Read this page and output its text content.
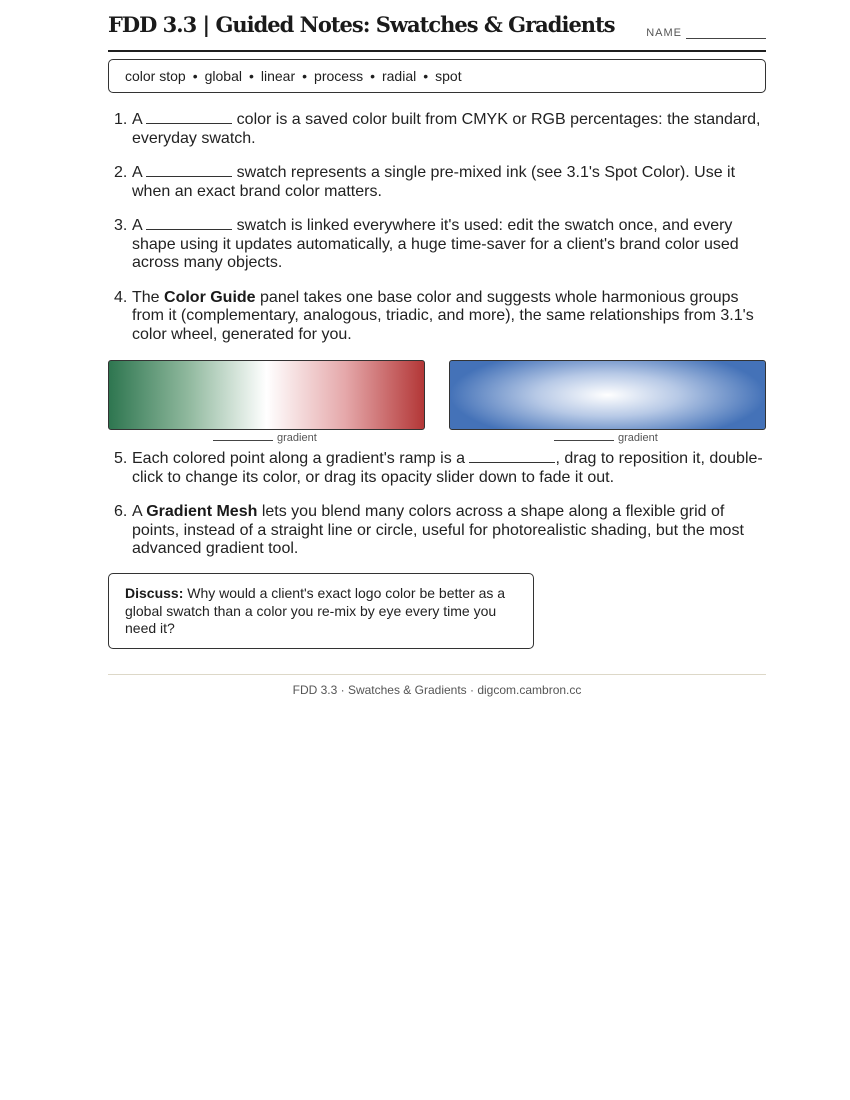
FDD 3.3 | Guided Notes: Swatches & Gradients	NAME
color stop • global • linear • process • radial • spot
1. A	color is a saved color built from CMYK or RGB percentages: the standard, everyday swatch.
2. A	swatch represents a single pre-mixed ink (see 3.1's Spot Color). Use it when an exact brand color matters.
3. A	swatch is linked everywhere it's used: edit the swatch once, and every shape using it updates automatically, a huge time-saver for a client's brand color used across many objects.
4. The Color Guide panel takes one base color and suggests whole harmonious groups from it (complementary, analogous, triadic, and more), the same relationships from 3.1's color wheel, generated for you.
gradient	gradient
5. Each colored point along a gradient's ramp is a	, drag to reposition it, double-click to change its color, or drag its opacity slider down to fade it out.
6. A Gradient Mesh lets you blend many colors across a shape along a flexible grid of points, instead of a straight line or circle, useful for photorealistic shading, but the most advanced gradient tool.
Discuss: Why would a client's exact logo color be better as a global swatch than a color you re-mix by eye every time you need it?
FDD 3.3 · Swatches & Gradients · digcom.cambron.cc
